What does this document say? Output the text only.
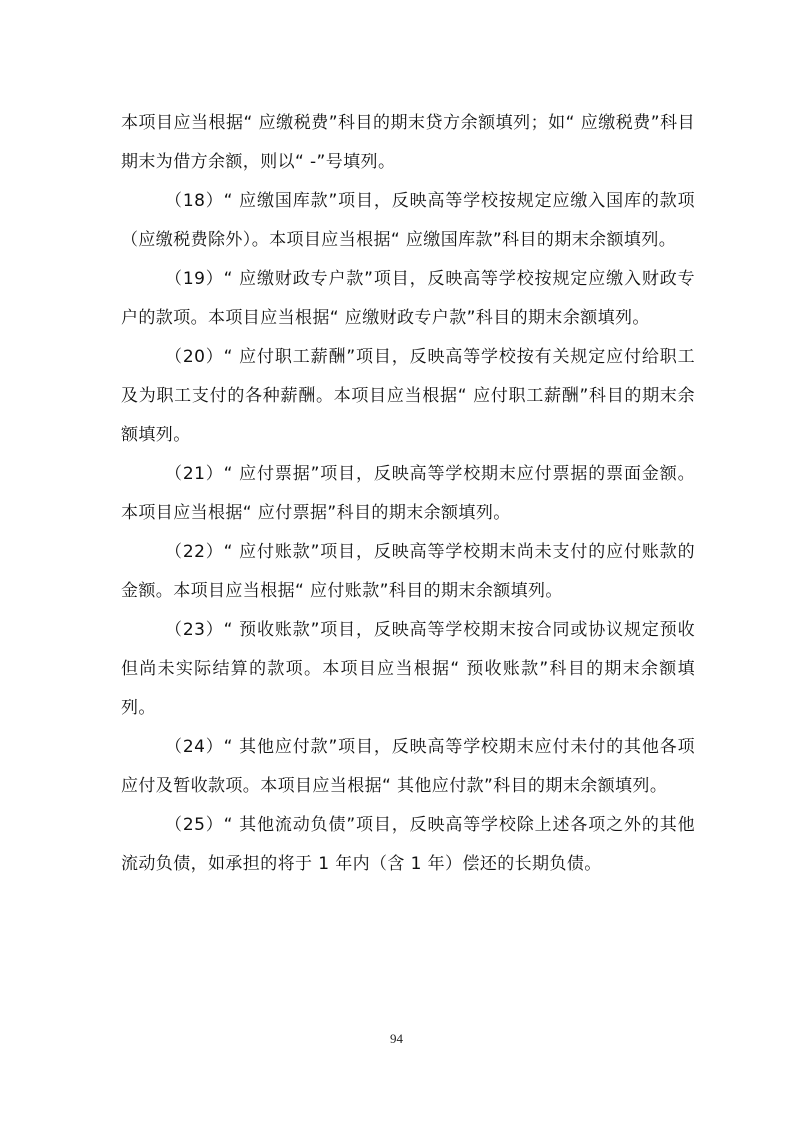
本项目应当根据“ 应缴税费”科目的期末贷方余额填列；如“ 应缴税费”科目期末为借方余额，则以“ -”号填列。

（18）“ 应缴国库款”项目，反映高等学校按规定应缴入国库的款项（应缴税费除外）。本项目应当根据“ 应缴国库款”科目的期末余额填列。

（19）“ 应缴财政专户款”项目，反映高等学校按规定应缴入财政专户的款项。本项目应当根据“ 应缴财政专户款”科目的期末余额填列。

（20）“ 应付职工薪酬”项目，反映高等学校按有关规定应付给职工及为职工支付的各种薪酬。本项目应当根据“ 应付职工薪酬”科目的期末余额填列。

（21）“ 应付票据”项目，反映高等学校期末应付票据的票面金额。本项目应当根据“ 应付票据”科目的期末余额填列。

（22）“ 应付账款”项目，反映高等学校期末尚未支付的应付账款的金额。本项目应当根据“ 应付账款”科目的期末余额填列。

（23）“ 预收账款”项目，反映高等学校期末按合同或协议规定预收但尚未实际结算的款项。本项目应当根据“ 预收账款”科目的期末余额填列。

（24）“ 其他应付款”项目，反映高等学校期末应付未付的其他各项应付及暂收款项。本项目应当根据“ 其他应付款”科目的期末余额填列。

（25）“ 其他流动负债”项目，反映高等学校除上述各项之外的其他流动负债，如承担的将于 1 年内（含 1 年）偿还的长期负债。

94
